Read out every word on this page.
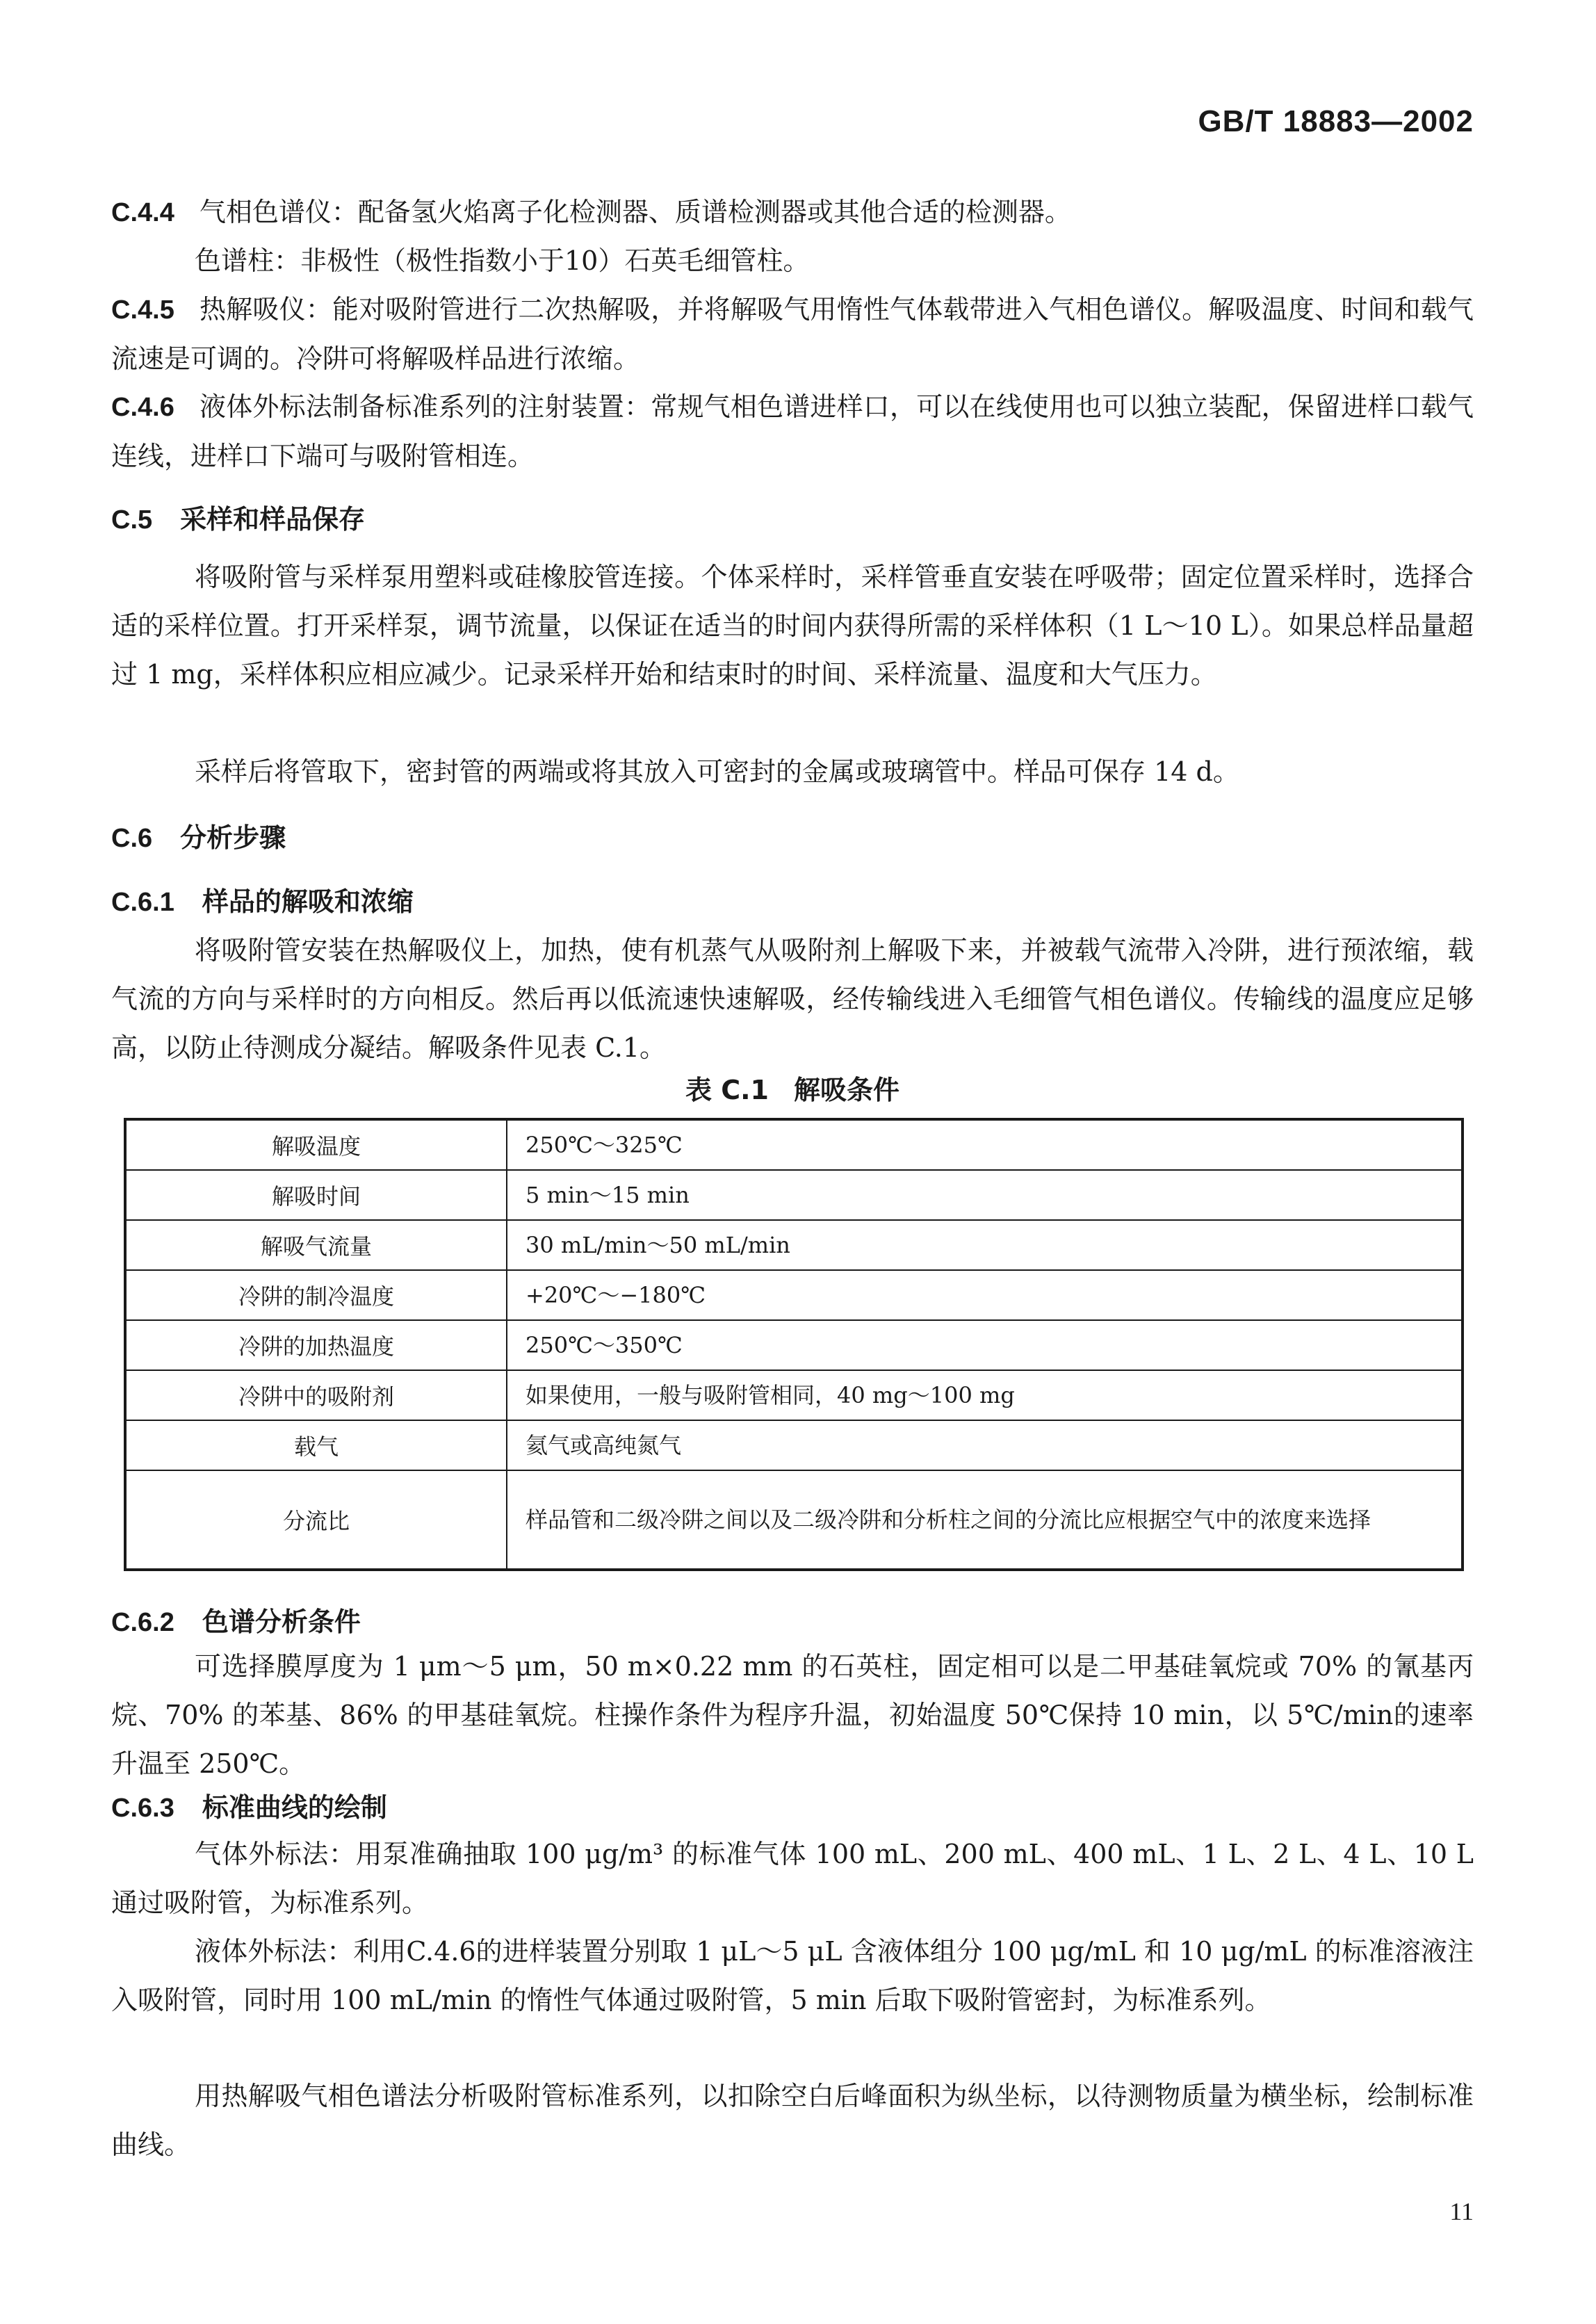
GB/T 18883—2002

C.4.4 气相色谱仪：配备氢火焰离子化检测器、质谱检测器或其他合适的检测器。

色谱柱：非极性（极性指数小于10）石英毛细管柱。

C.4.5 热解吸仪：能对吸附管进行二次热解吸，并将解吸气用惰性气体载带进入气相色谱仪。解吸温度、时间和载气流速是可调的。冷阱可将解吸样品进行浓缩。

C.4.6 液体外标法制备标准系列的注射装置：常规气相色谱进样口，可以在线使用也可以独立装配，保留进样口载气连线，进样口下端可与吸附管相连。

C.5 采样和样品保存

将吸附管与采样泵用塑料或硅橡胶管连接。个体采样时，采样管垂直安装在呼吸带；固定位置采样时，选择合适的采样位置。打开采样泵，调节流量，以保证在适当的时间内获得所需的采样体积（1 L～10 L）。如果总样品量超过 1 mg，采样体积应相应减少。记录采样开始和结束时的时间、采样流量、温度和大气压力。

采样后将管取下，密封管的两端或将其放入可密封的金属或玻璃管中。样品可保存 14 d。

C.6 分析步骤
C.6.1 样品的解吸和浓缩

将吸附管安装在热解吸仪上，加热，使有机蒸气从吸附剂上解吸下来，并被载气流带入冷阱，进行预浓缩，载气流的方向与采样时的方向相反。然后再以低流速快速解吸，经传输线进入毛细管气相色谱仪。传输线的温度应足够高，以防止待测成分凝结。解吸条件见表 C.1。

表 C.1 解吸条件
解吸温度	250℃～325℃
解吸时间	5 min～15 min
解吸气流量	30 mL/min～50 mL/min
冷阱的制冷温度	+20℃～−180℃
冷阱的加热温度	250℃～350℃
冷阱中的吸附剂	如果使用，一般与吸附管相同，40 mg～100 mg
载气	氦气或高纯氮气
分流比	样品管和二级冷阱之间以及二级冷阱和分析柱之间的分流比应根据空气中的浓度来选择
C.6.2 色谱分析条件

可选择膜厚度为 1 μm～5 μm，50 m×0.22 mm 的石英柱，固定相可以是二甲基硅氧烷或 70% 的氰基丙烷、70% 的苯基、86% 的甲基硅氧烷。柱操作条件为程序升温，初始温度 50℃保持 10 min，以 5℃/min的速率升温至 250℃。

C.6.3 标准曲线的绘制

气体外标法：用泵准确抽取 100 μg/m³ 的标准气体 100 mL、200 mL、400 mL、1 L、2 L、4 L、10 L 通过吸附管，为标准系列。

液体外标法：利用C.4.6的进样装置分别取 1 μL～5 μL 含液体组分 100 μg/mL 和 10 μg/mL 的标准溶液注入吸附管，同时用 100 mL/min 的惰性气体通过吸附管，5 min 后取下吸附管密封，为标准系列。

用热解吸气相色谱法分析吸附管标准系列，以扣除空白后峰面积为纵坐标，以待测物质量为横坐标，绘制标准曲线。

11
